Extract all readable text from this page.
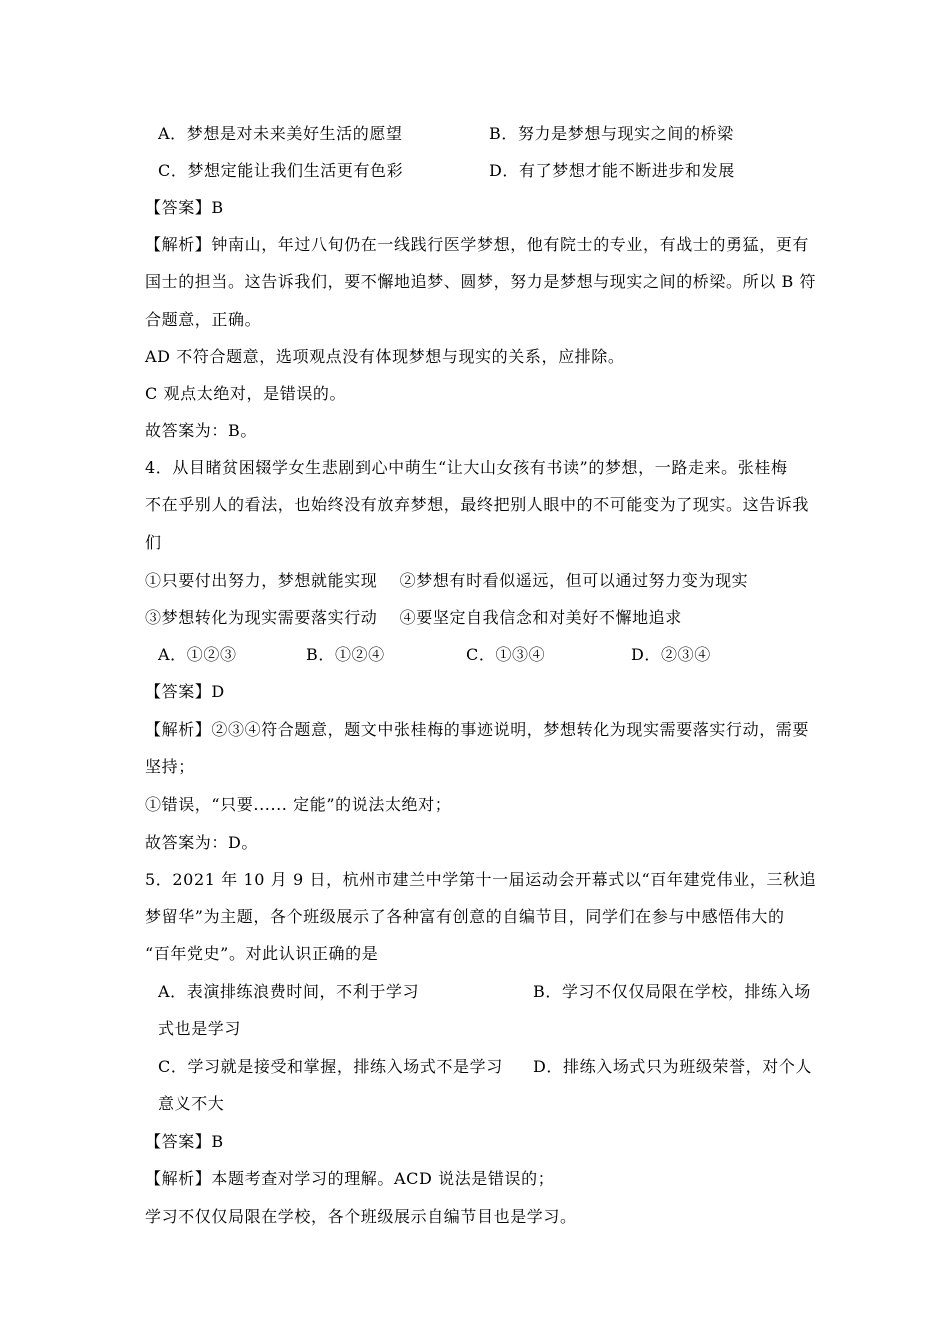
A．梦想是对未来美好生活的愿望	B．努力是梦想与现实之间的桥梁
C．梦想定能让我们生活更有色彩	D．有了梦想才能不断进步和发展
【答案】B
【解析】钟南山，年过八旬仍在一线践行医学梦想，他有院士的专业，有战士的勇猛，更有
国士的担当。这告诉我们，要不懈地追梦、圆梦，努力是梦想与现实之间的桥梁。所以 B 符
合题意，正确。
AD 不符合题意，选项观点没有体现梦想与现实的关系，应排除。
C 观点太绝对，是错误的。
故答案为：B。
4．从目睹贫困辍学女生悲剧到心中萌生“让大山女孩有书读”的梦想，一路走来。张桂梅
不在乎别人的看法，也始终没有放弃梦想，最终把别人眼中的不可能变为了现实。这告诉我
们
①只要付出努力，梦想就能实现　 ②梦想有时看似遥远，但可以通过努力变为现实
③梦想转化为现实需要落实行动　 ④要坚定自我信念和对美好不懈地追求
A．①②③	B．①②④	C．①③④	D．②③④
【答案】D
【解析】②③④符合题意，题文中张桂梅的事迹说明，梦想转化为现实需要落实行动，需要
坚持；
①错误，“只要...... 定能”的说法太绝对；
故答案为：D。
5．2021 年 10 月 9 日，杭州市建兰中学第十一届运动会开幕式以“百年建党伟业，三秋追
梦留华”为主题，各个班级展示了各种富有创意的自编节目，同学们在参与中感悟伟大的
“百年党史”。对此认识正确的是
A．表演排练浪费时间，不利于学习	B．学习不仅仅局限在学校，排练入场
式也是学习
C．学习就是接受和掌握，排练入场式不是学习	D．排练入场式只为班级荣誉，对个人
意义不大
【答案】B
【解析】本题考查对学习的理解。ACD 说法是错误的；
学习不仅仅局限在学校，各个班级展示自编节目也是学习。
